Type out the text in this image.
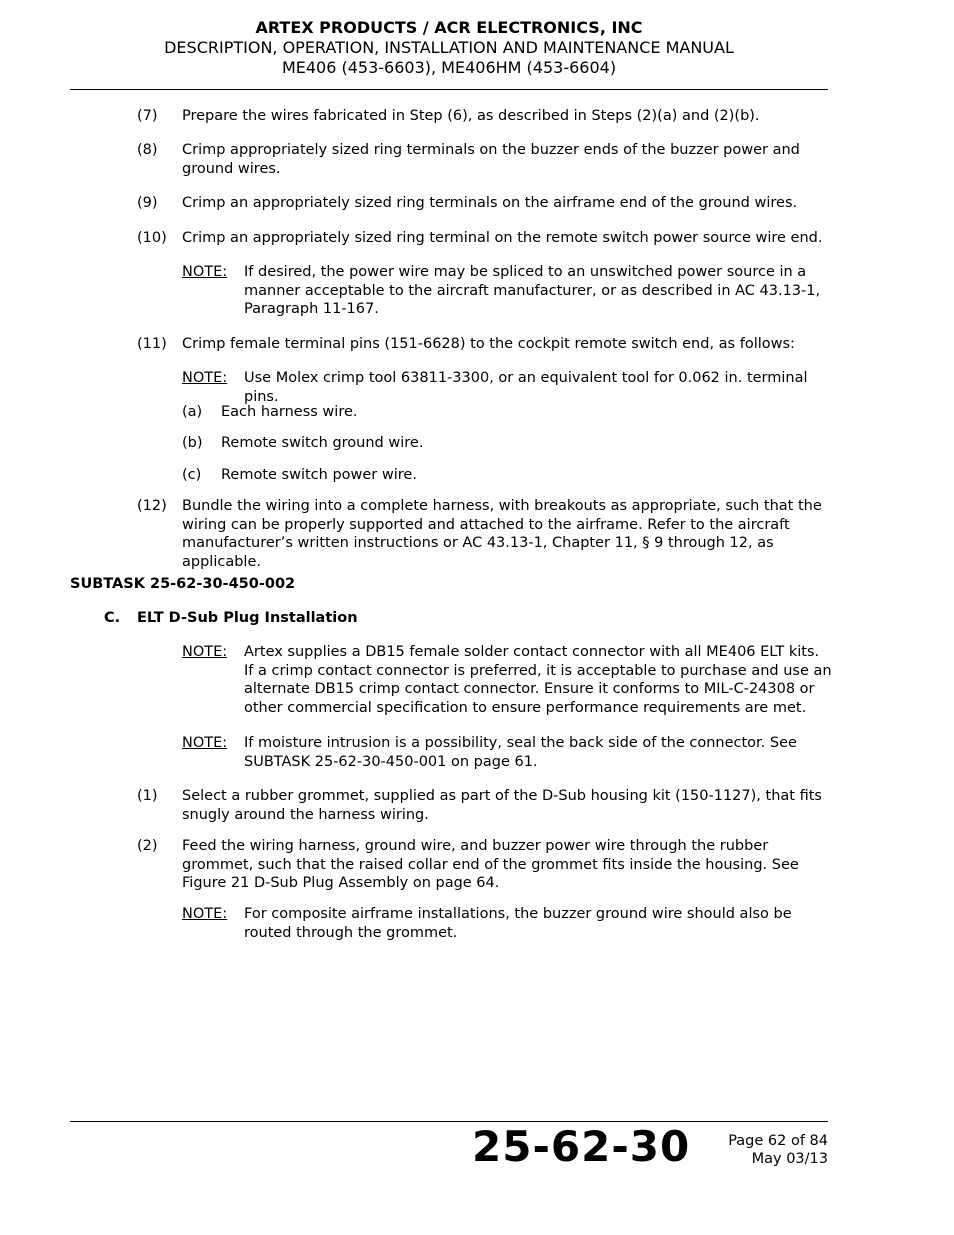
ARTEX PRODUCTS / ACR ELECTRONICS, INC
DESCRIPTION, OPERATION, INSTALLATION AND MAINTENANCE MANUAL
ME406 (453-6603), ME406HM (453-6604)
(7) Prepare the wires fabricated in Step (6), as described in Steps (2)(a) and (2)(b).
(8) Crimp appropriately sized ring terminals on the buzzer ends of the buzzer power and ground wires.
(9) Crimp an appropriately sized ring terminals on the airframe end of the ground wires.
(10) Crimp an appropriately sized ring terminal on the remote switch power source wire end.
NOTE: If desired, the power wire may be spliced to an unswitched power source in a manner acceptable to the aircraft manufacturer, or as described in AC 43.13-1, Paragraph 11-167.
(11) Crimp female terminal pins (151-6628) to the cockpit remote switch end, as follows:
NOTE: Use Molex crimp tool 63811-3300, or an equivalent tool for 0.062 in. terminal pins.
(a) Each harness wire.
(b) Remote switch ground wire.
(c) Remote switch power wire.
(12) Bundle the wiring into a complete harness, with breakouts as appropriate, such that the wiring can be properly supported and attached to the airframe. Refer to the aircraft manufacturer’s written instructions or AC 43.13-1, Chapter 11, § 9 through 12, as applicable.
SUBTASK 25-62-30-450-002
C. ELT D-Sub Plug Installation
NOTE: Artex supplies a DB15 female solder contact connector with all ME406 ELT kits. If a crimp contact connector is preferred, it is acceptable to purchase and use an alternate DB15 crimp contact connector. Ensure it conforms to MIL-C-24308 or other commercial specification to ensure performance requirements are met.
NOTE: If moisture intrusion is a possibility, seal the back side of the connector. See SUBTASK 25-62-30-450-001 on page 61.
(1) Select a rubber grommet, supplied as part of the D-Sub housing kit (150-1127), that fits snugly around the harness wiring.
(2) Feed the wiring harness, ground wire, and buzzer power wire through the rubber grommet, such that the raised collar end of the grommet fits inside the housing. See Figure 21 D-Sub Plug Assembly on page 64.
NOTE: For composite airframe installations, the buzzer ground wire should also be routed through the grommet.
25-62-30	Page 62 of 84
May 03/13
